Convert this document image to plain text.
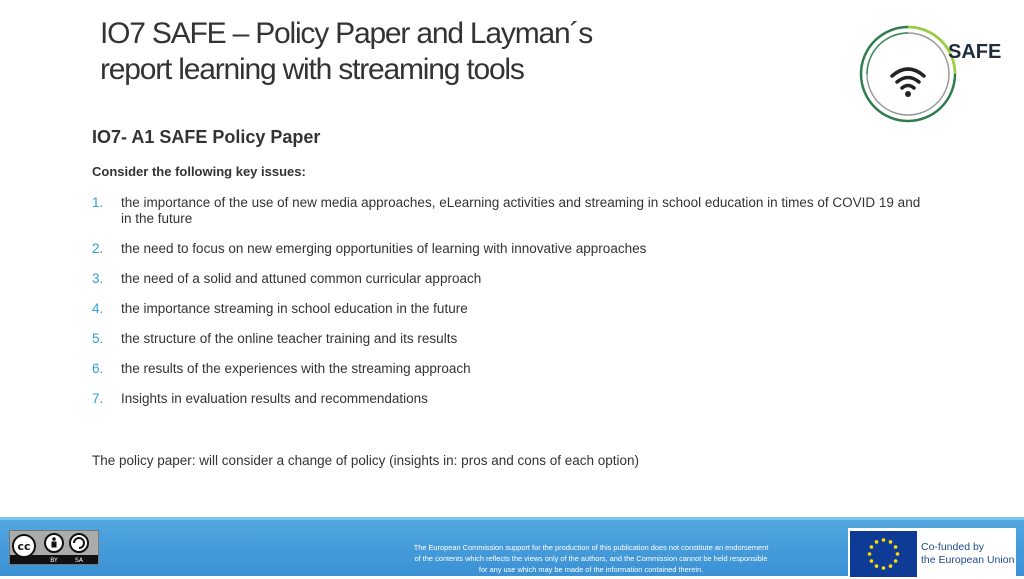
IO7 SAFE – Policy Paper and Layman´s
report learning with streaming tools
SAFE
IO7- A1 SAFE Policy Paper
Consider the following key issues:
1. the importance of the use of new media approaches, eLearning activities and streaming in school education in times of COVID 19 and in the future
2. the need to focus on new emerging opportunities of learning with innovative approaches
3. the need of a solid and attuned common curricular approach
4. the importance streaming in school education in the future
5. the structure of the online teacher training and its results
6. the results of the experiences with the streaming approach
7. Insights in evaluation results and recommendations
The policy paper: will consider a change of policy (insights in: pros and cons of each option)
cc
BY	SA
The European Commission support for the production of this publication does not constitute an endorsement
of the contents which reflects the views only of the authors, and the Commission cannot be held responsible
for any use which may be made of the information contained therein.
Co-funded by
the European Union
